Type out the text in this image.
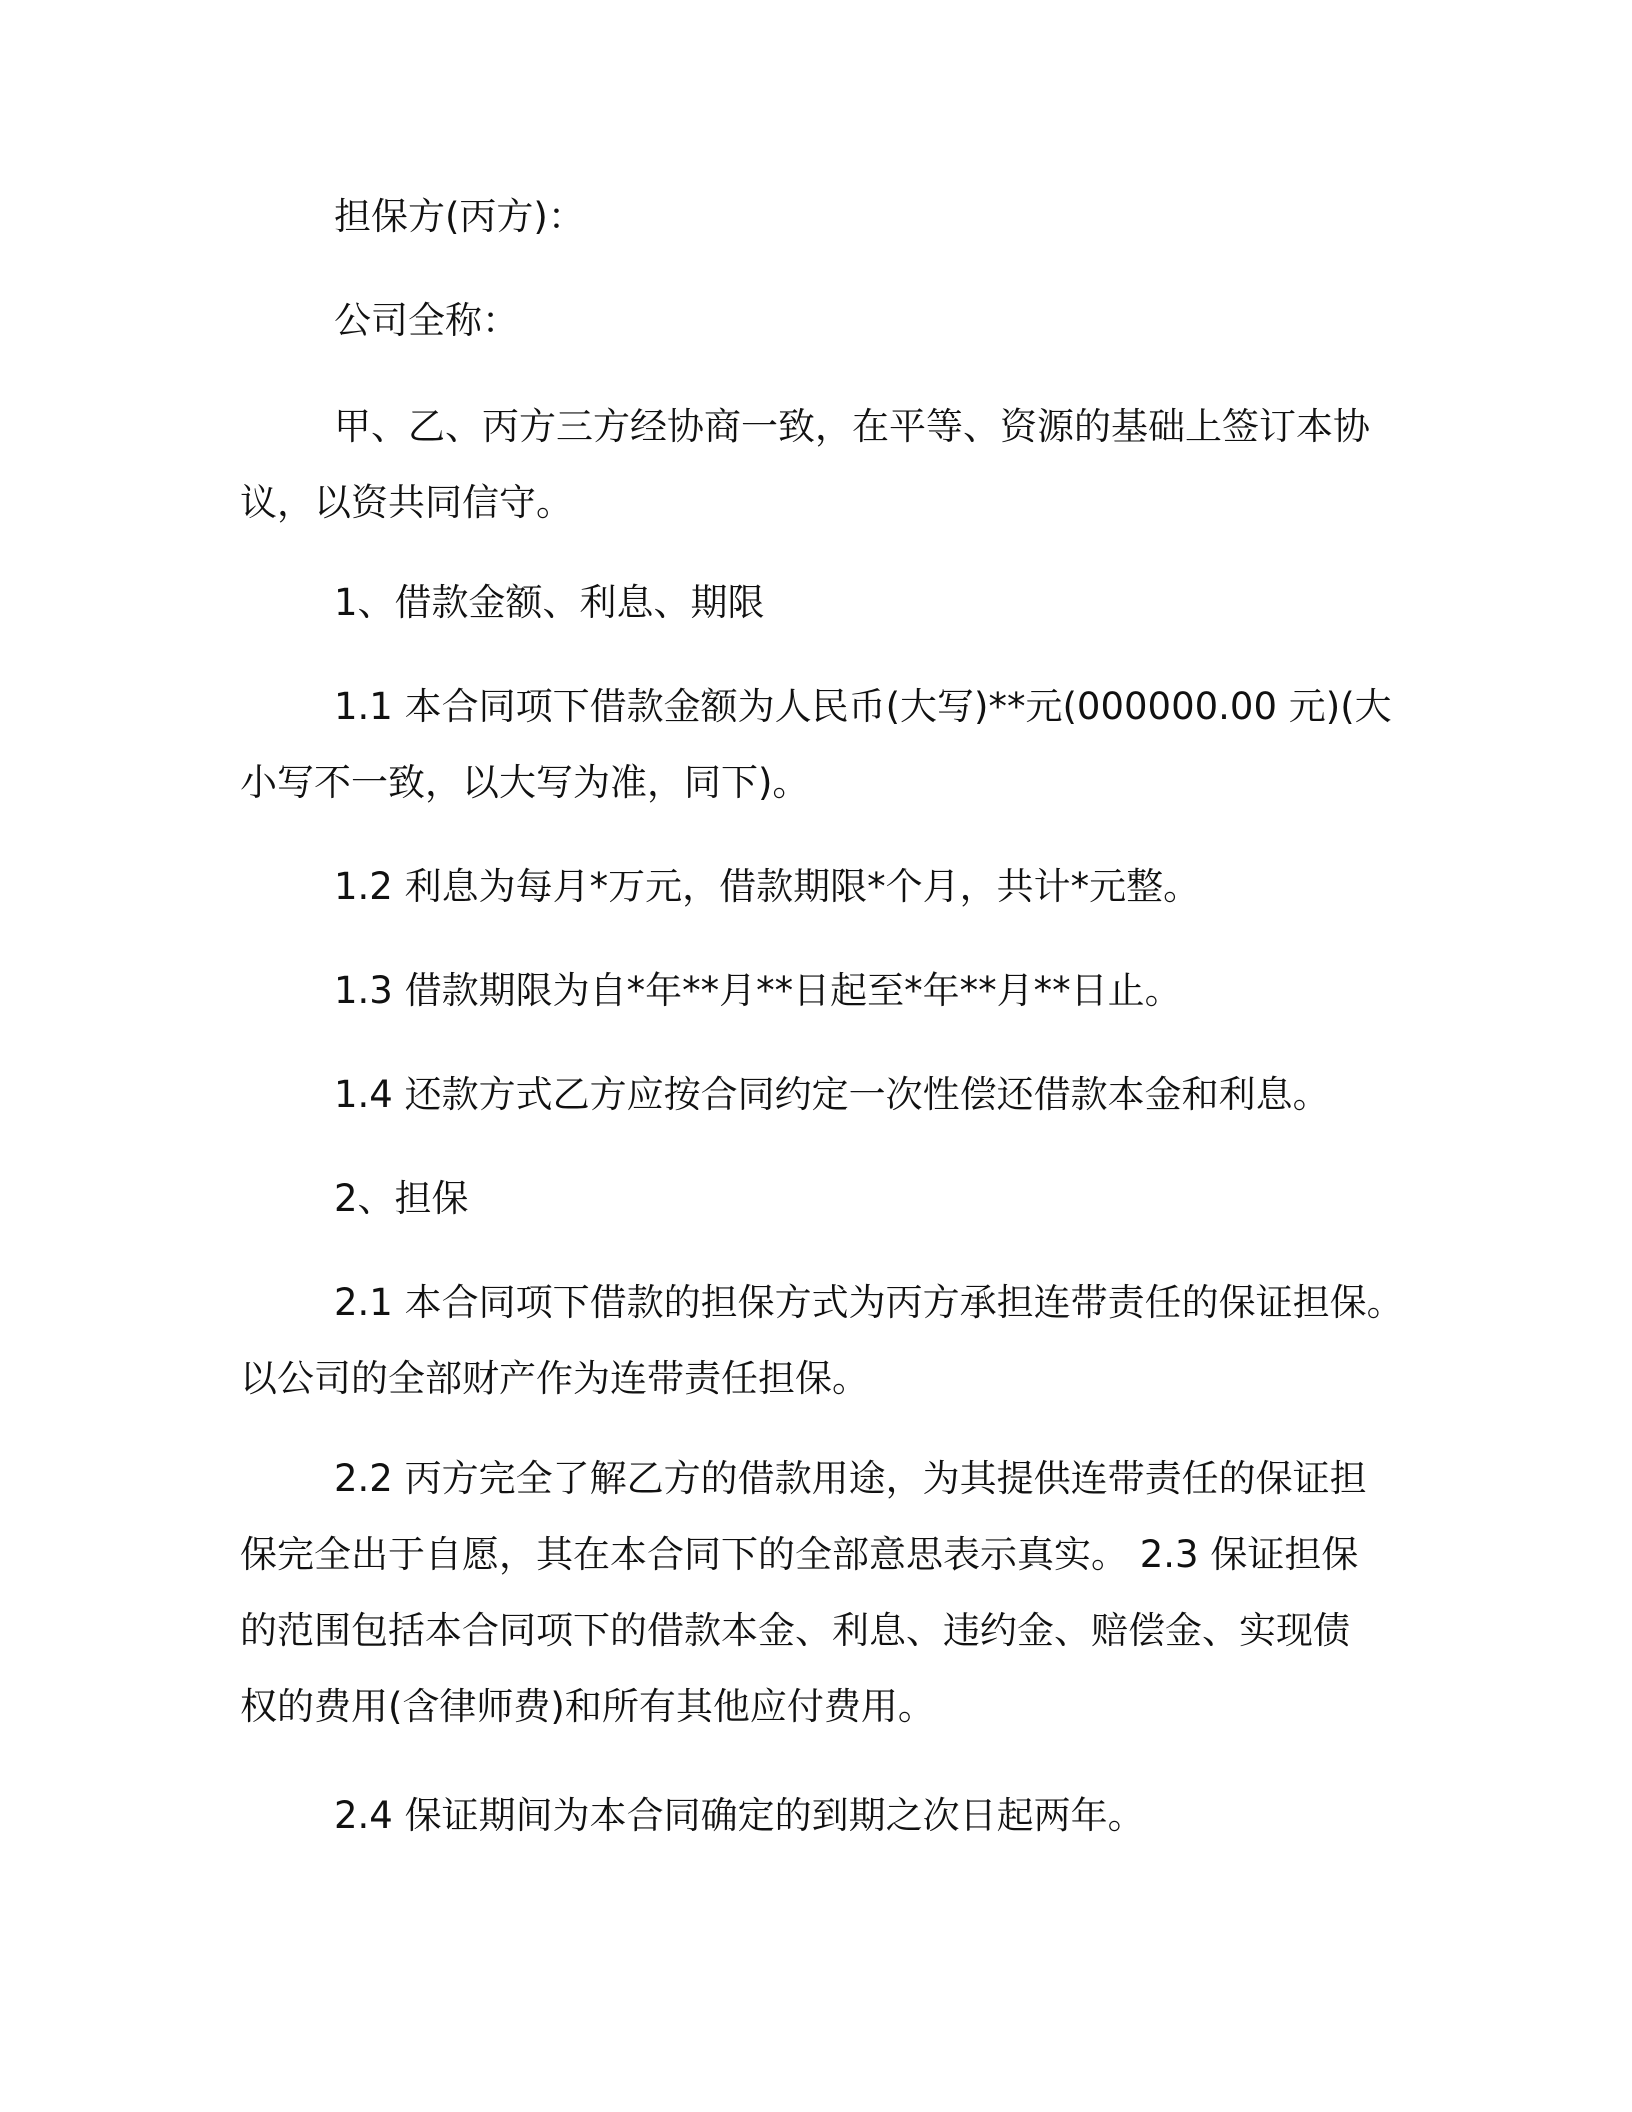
担保方(丙方)：

公司全称：

甲、乙、丙方三方经协商一致，在平等、资源的基础上签订本协
议，以资共同信守。

1、借款金额、利息、期限

1.1 本合同项下借款金额为人民币(大写)**元(000000.00 元)(大
小写不一致，以大写为准，同下)。

1.2 利息为每月*万元，借款期限*个月，共计*元整。

1.3 借款期限为自*年**月**日起至*年**月**日止。

1.4 还款方式乙方应按合同约定一次性偿还借款本金和利息。

2、担保

2.1 本合同项下借款的担保方式为丙方承担连带责任的保证担保。
以公司的全部财产作为连带责任担保。

2.2 丙方完全了解乙方的借款用途，为其提供连带责任的保证担
保完全出于自愿，其在本合同下的全部意思表示真实。 2.3 保证担保
的范围包括本合同项下的借款本金、利息、违约金、赔偿金、实现债
权的费用(含律师费)和所有其他应付费用。

2.4 保证期间为本合同确定的到期之次日起两年。
